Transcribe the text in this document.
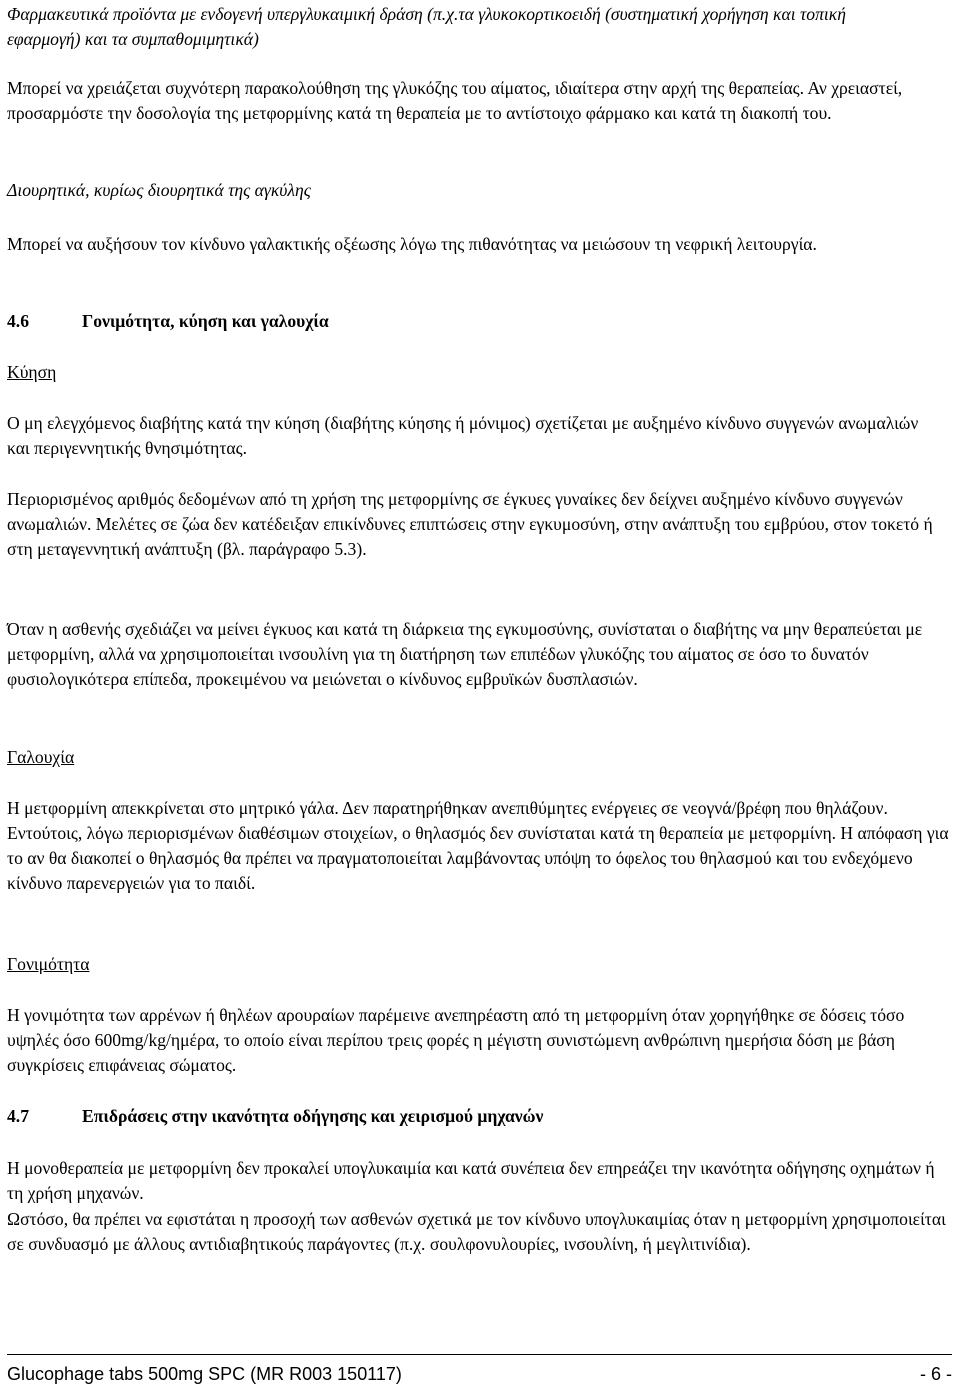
Φαρμακευτικά προϊόντα με ενδογενή υπεργλυκαιμική δράση (π.χ.τα γλυκοκορτικοειδή (συστηματική χορήγηση και τοπική εφαρμογή) και τα συμπαθομιμητικά)

Μπορεί να χρειάζεται συχνότερη παρακολούθηση της γλυκόζης του αίματος, ιδιαίτερα στην αρχή της θεραπείας. Αν χρειαστεί, προσαρμόστε την δοσολογία της μετφορμίνης κατά τη θεραπεία με το αντίστοιχο φάρμακο και κατά τη διακοπή του.

Διουρητικά, κυρίως διουρητικά της αγκύλης

Μπορεί να αυξήσουν τον κίνδυνο γαλακτικής οξέωσης λόγω της πιθανότητας να μειώσουν τη νεφρική λειτουργία.

4.6	Γονιμότητα, κύηση και γαλουχία

Κύηση

Ο μη ελεγχόμενος διαβήτης κατά την κύηση (διαβήτης κύησης ή μόνιμος) σχετίζεται με αυξημένο κίνδυνο συγγενών ανωμαλιών και περιγεννητικής θνησιμότητας.

Περιορισμένος αριθμός δεδομένων από τη χρήση της μετφορμίνης σε έγκυες γυναίκες δεν δείχνει αυξημένο κίνδυνο συγγενών ανωμαλιών. Μελέτες σε ζώα δεν κατέδειξαν επικίνδυνες επιπτώσεις στην εγκυμοσύνη, στην ανάπτυξη του εμβρύου, στον τοκετό ή στη μεταγεννητική ανάπτυξη (βλ. παράγραφο 5.3).

Όταν η ασθενής σχεδιάζει να μείνει έγκυος και κατά τη διάρκεια της εγκυμοσύνης, συνίσταται ο διαβήτης να μην θεραπεύεται με μετφορμίνη, αλλά να χρησιμοποιείται ινσουλίνη για τη διατήρηση των επιπέδων γλυκόζης του αίματος σε όσο το δυνατόν φυσιολογικότερα επίπεδα, προκειμένου να μειώνεται ο κίνδυνος εμβρυϊκών δυσπλασιών.

Γαλουχία

Η μετφορμίνη απεκκρίνεται στο μητρικό γάλα. Δεν παρατηρήθηκαν ανεπιθύμητες ενέργειες σε νεογνά/βρέφη που θηλάζουν. Εντούτοις, λόγω περιορισμένων διαθέσιμων στοιχείων, ο θηλασμός δεν συνίσταται κατά τη θεραπεία με μετφορμίνη. Η απόφαση για το αν θα διακοπεί ο θηλασμός θα πρέπει να πραγματοποιείται λαμβάνοντας υπόψη το όφελος του θηλασμού και του ενδεχόμενο κίνδυνο παρενεργειών για το παιδί.

Γονιμότητα

Η γονιμότητα των αρρένων ή θηλέων αρουραίων παρέμεινε ανεπηρέαστη από τη μετφορμίνη όταν χορηγήθηκε σε δόσεις τόσο υψηλές όσο 600mg/kg/ημέρα, το οποίο είναι περίπου τρεις φορές η μέγιστη συνιστώμενη ανθρώπινη ημερήσια δόση με βάση συγκρίσεις επιφάνειας σώματος.

4.7	Επιδράσεις στην ικανότητα οδήγησης και χειρισμού μηχανών

Η μονοθεραπεία με μετφορμίνη δεν προκαλεί υπογλυκαιμία και κατά συνέπεια δεν επηρεάζει την ικανότητα οδήγησης οχημάτων ή τη χρήση μηχανών.

Ωστόσο, θα πρέπει να εφιστάται η προσοχή των ασθενών σχετικά με τον κίνδυνο υπογλυκαιμίας όταν η μετφορμίνη χρησιμοποιείται σε συνδυασμό με άλλους αντιδιαβητικούς παράγοντες (π.χ. σουλφονυλουρίες, ινσουλίνη, ή μεγλιτινίδια).

Glucophage tabs 500mg SPC (MR R003 150117)	- 6 -
